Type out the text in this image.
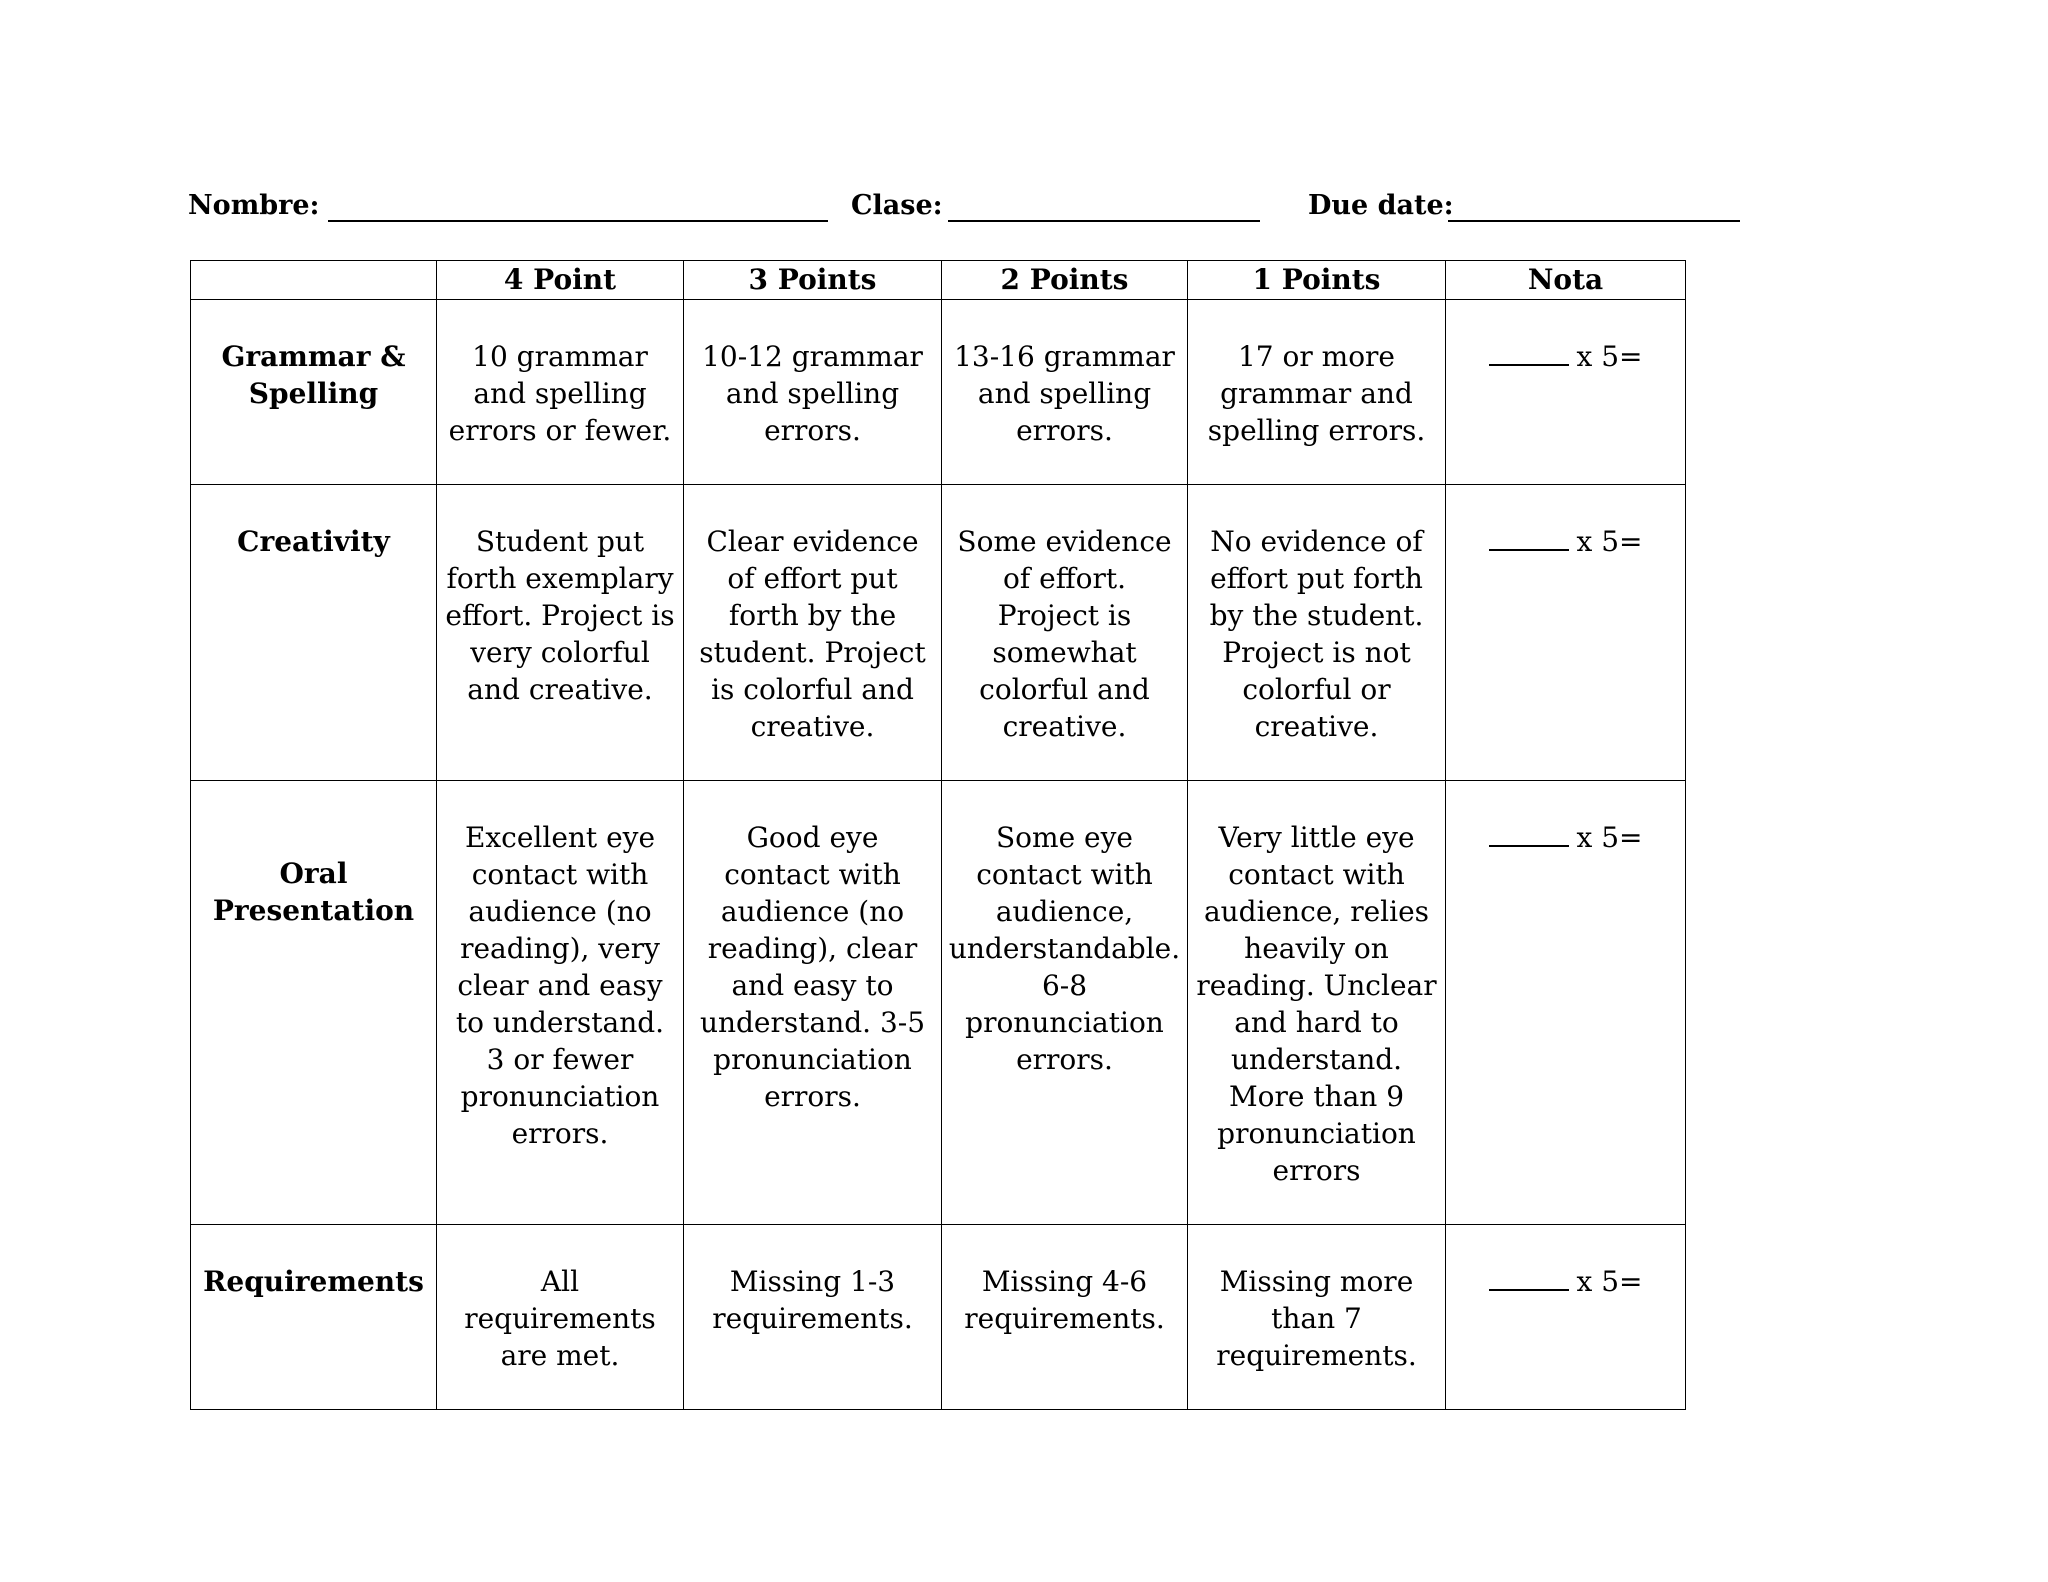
Nombre:	Clase:	Due date:
	4 Point	3 Points	2 Points	1 Points	Nota
Grammar & Spelling	10 grammar and spelling errors or fewer.	10-12 grammar and spelling errors.	13-16 grammar and spelling errors.	17 or more grammar and spelling errors.	x 5=
Creativity	Student put forth exemplary effort. Project is very colorful and creative.	Clear evidence of effort put forth by the student. Project is colorful and creative.	Some evidence of effort. Project is somewhat colorful and creative.	No evidence of effort put forth by the student. Project is not colorful or creative.	x 5=
Oral Presentation	Excellent eye contact with audience (no reading), very clear and easy to understand. 3 or fewer pronunciation errors.	Good eye contact with audience (no reading), clear and easy to understand. 3-5 pronunciation errors.	Some eye contact with audience, understandable. 6-8 pronunciation errors.	Very little eye contact with audience, relies heavily on reading. Unclear and hard to understand. More than 9 pronunciation errors	x 5=
Requirements	All requirements are met.	Missing 1-3 requirements.	Missing 4-6 requirements.	Missing more than 7 requirements.	x 5=
